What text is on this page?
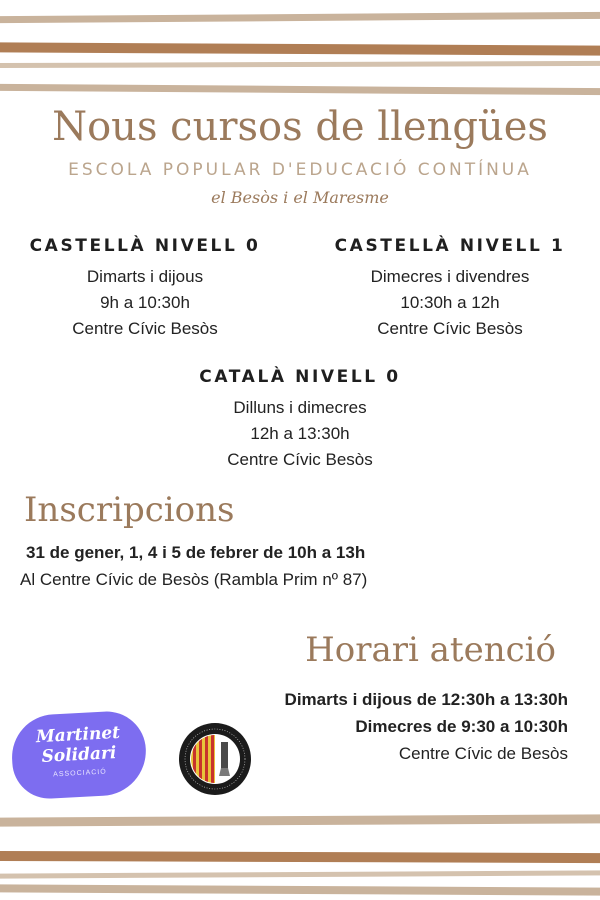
Nous cursos de llengües
ESCOLA POPULAR D'EDUCACIÓ CONTÍNUA
el Besòs i el Maresme
CASTELLÀ NIVELL 0
Dimarts i dijous
9h a 10:30h
Centre Cívic Besòs
CASTELLÀ NIVELL 1
Dimecres i divendres
10:30h a 12h
Centre Cívic Besòs
CATALÀ NIVELL 0
Dilluns i dimecres
12h a 13:30h
Centre Cívic Besòs
Inscripcions
31 de gener, 1, 4 i 5 de febrer de 10h a 13h
Al Centre Cívic de Besòs (Rambla Prim nº 87)
Horari atenció
Dimarts i dijous de 12:30h a 13:30h
Dimecres de 9:30 a 10:30h
Centre Cívic de Besòs
Martinet
Solidari
ASSOCIACIÓ
